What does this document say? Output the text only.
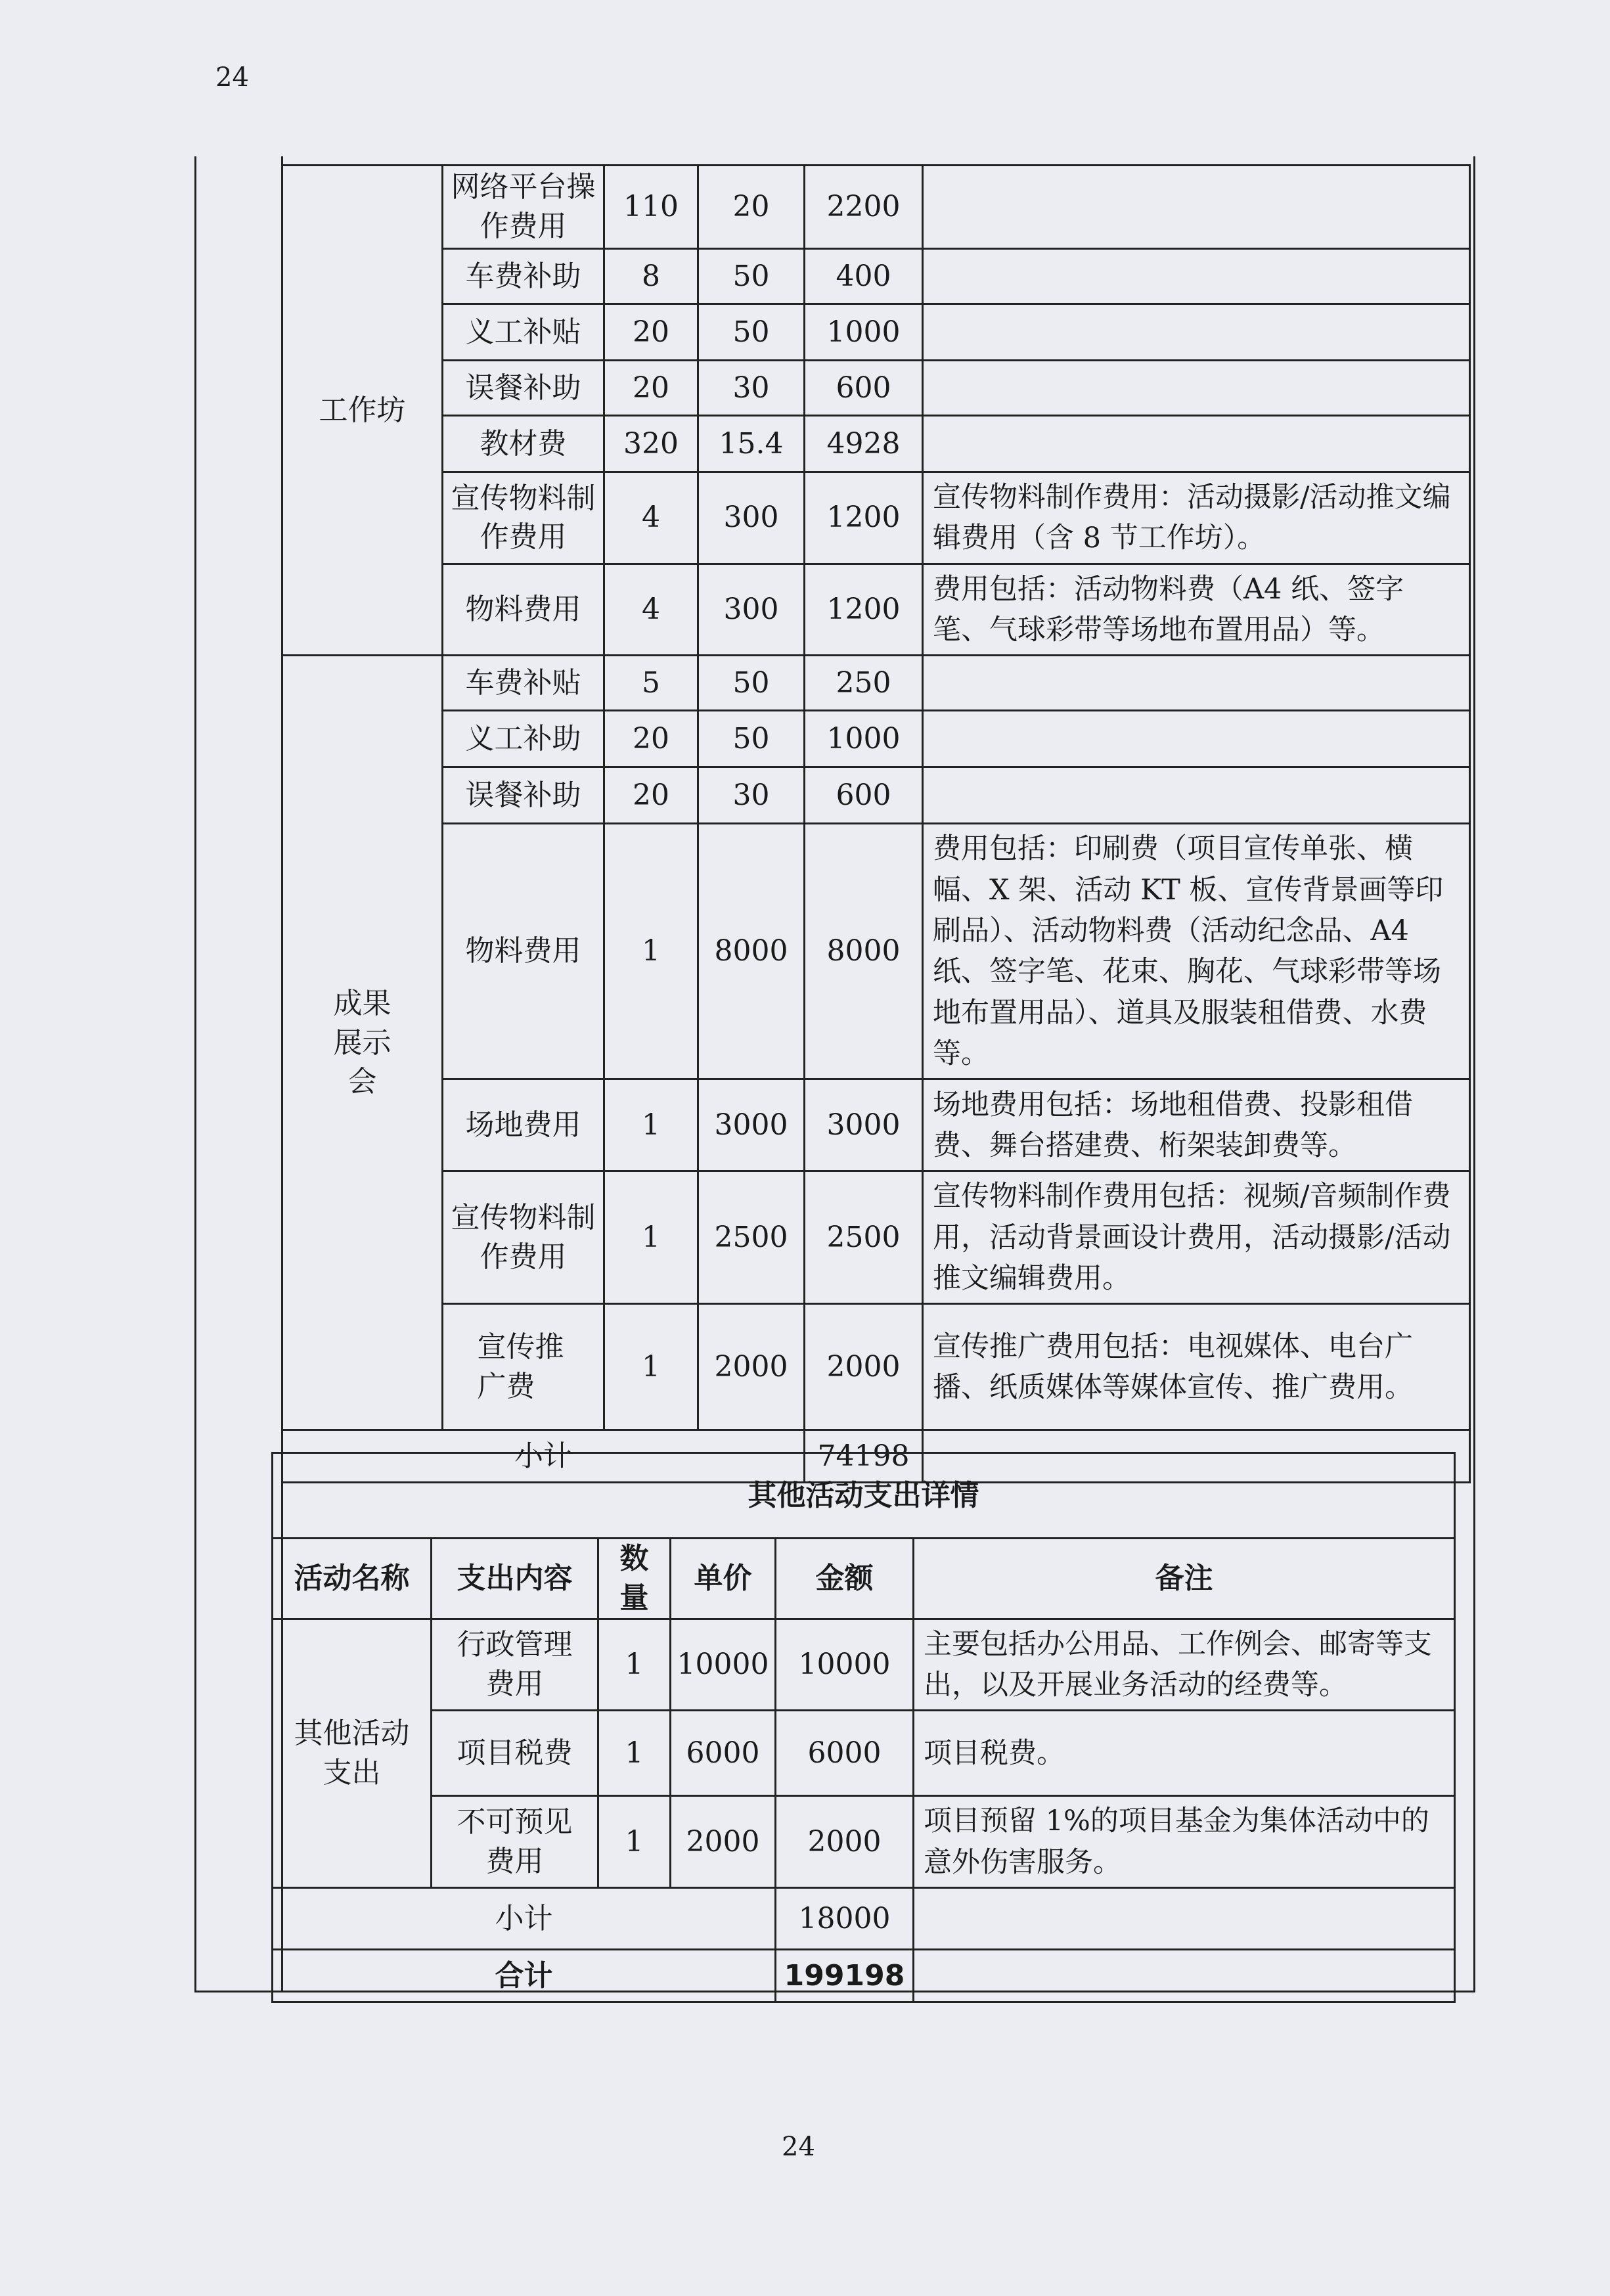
24
工作坊	网络平台操作费用	110	20	2200	
	车费补助	8	50	400	
	义工补贴	20	50	1000	
	误餐补助	20	30	600	
	教材费	320	15.4	4928	
	宣传物料制作费用	4	300	1200	宣传物料制作费用：活动摄影/活动推文编辑费用（含 8 节工作坊）。
	物料费用	4	300	1200	费用包括：活动物料费（A4 纸、签字笔、气球彩带等场地布置用品）等。
成果展示会	车费补贴	5	50	250	
	义工补助	20	50	1000	
	误餐补助	20	30	600	
	物料费用	1	8000	8000	费用包括：印刷费（项目宣传单张、横幅、X 架、活动 KT 板、宣传背景画等印刷品）、活动物料费（活动纪念品、A4 纸、签字笔、花束、胸花、气球彩带等场地布置用品）、道具及服装租借费、水费等。
	场地费用	1	3000	3000	场地费用包括：场地租借费、投影租借费、舞台搭建费、桁架装卸费等。
	宣传物料制作费用	1	2500	2500	宣传物料制作费用包括：视频/音频制作费用，活动背景画设计费用，活动摄影/活动推文编辑费用。
	宣传推广费	1	2000	2000	宣传推广费用包括：电视媒体、电台广播、纸质媒体等媒体宣传、推广费用。
小计				74198	
其他活动支出详情					
活动名称	支出内容	数量	单价	金额	备注
其他活动支出	行政管理费用	1	10000	10000	主要包括办公用品、工作例会、邮寄等支出，以及开展业务活动的经费等。
	项目税费	1	6000	6000	项目税费。
	不可预见费用	1	2000	2000	项目预留 1%的项目基金为集体活动中的意外伤害服务。
小计				18000	
合计				199198	
24
